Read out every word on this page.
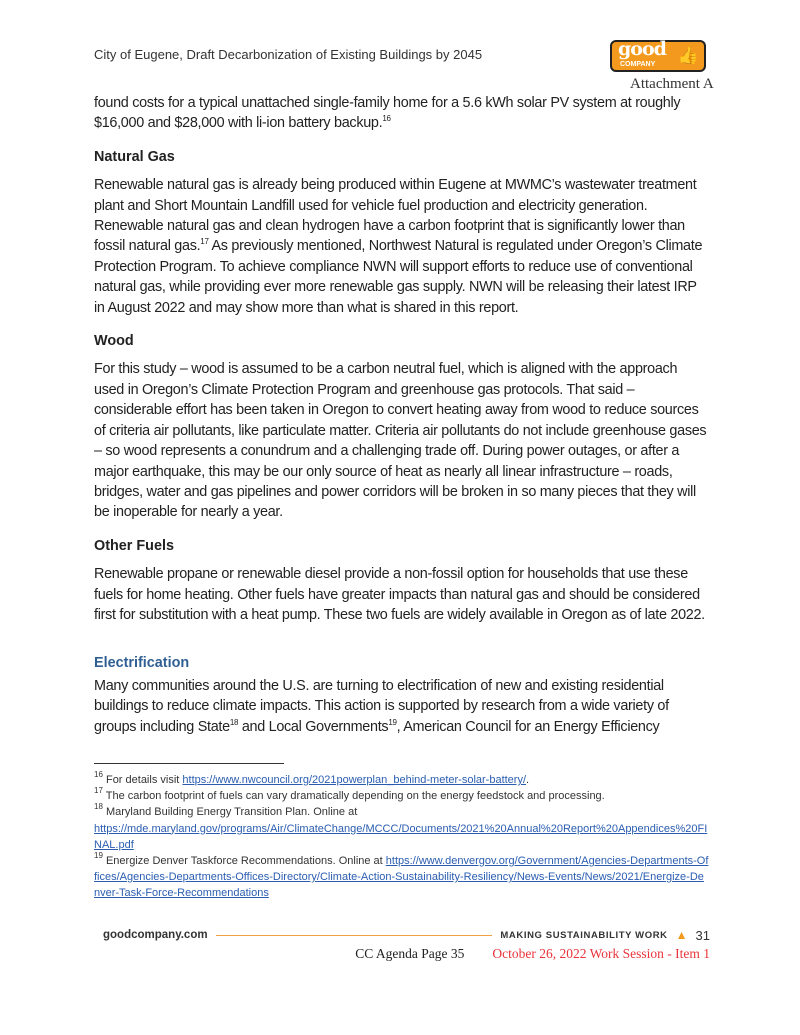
City of Eugene, Draft Decarbonization of Existing Buildings by 2045	good
COMPANY 👍
Attachment A

found costs for a typical unattached single-family home for a 5.6 kWh solar PV system at roughly $16,000 and $28,000 with li-ion battery backup.$^{16}$

Natural Gas

Renewable natural gas is already being produced within Eugene at MWMC’s wastewater treatment plant and Short Mountain Landfill used for vehicle fuel production and electricity generation. Renewable natural gas and clean hydrogen have a carbon footprint that is significantly lower than fossil natural gas.$^{17}$ As previously mentioned, Northwest Natural is regulated under Oregon’s Climate Protection Program. To achieve compliance NWN will support efforts to reduce use of conventional natural gas, while providing ever more renewable gas supply. NWN will be releasing their latest IRP in August 2022 and may show more than what is shared in this report.

Wood

For this study – wood is assumed to be a carbon neutral fuel, which is aligned with the approach used in Oregon’s Climate Protection Program and greenhouse gas protocols. That said – considerable effort has been taken in Oregon to convert heating away from wood to reduce sources of criteria air pollutants, like particulate matter. Criteria air pollutants do not include greenhouse gases – so wood represents a conundrum and a challenging trade off. During power outages, or after a major earthquake, this may be our only source of heat as nearly all linear infrastructure – roads, bridges, water and gas pipelines and power corridors will be broken in so many pieces that they will be inoperable for nearly a year.

Other Fuels

Renewable propane or renewable diesel provide a non-fossil option for households that use these fuels for home heating. Other fuels have greater impacts than natural gas and should be considered first for substitution with a heat pump. These two fuels are widely available in Oregon as of late 2022.

Electrification

Many communities around the U.S. are turning to electrification of new and existing residential buildings to reduce climate impacts. This action is supported by research from a wide variety of groups including State$^{18}$ and Local Governments$^{19}$, American Council for an Energy Efficiency

$^{16}$ For details visit https://www.nwcouncil.org/2021powerplan_behind-meter-solar-battery/.
$^{17}$ The carbon footprint of fuels can vary dramatically depending on the energy feedstock and processing.
$^{18}$ Maryland Building Energy Transition Plan. Online at
https://mde.maryland.gov/programs/Air/ClimateChange/MCCC/Documents/2021%20Annual%20Report%20Appendices%20FINAL.pdf
$^{19}$ Energize Denver Taskforce Recommendations. Online at https://www.denvergov.org/Government/Agencies-Departments-Offices/Agencies-Departments-Offices-Directory/Climate-Action-Sustainability-Resiliency/News-Events/News/2021/Energize-Denver-Task-Force-Recommendations
goodcompany.com	MAKING SUSTAINABILITY WORK ▲ 31
CC Agenda Page 35 October 26, 2022 Work Session - Item 1
